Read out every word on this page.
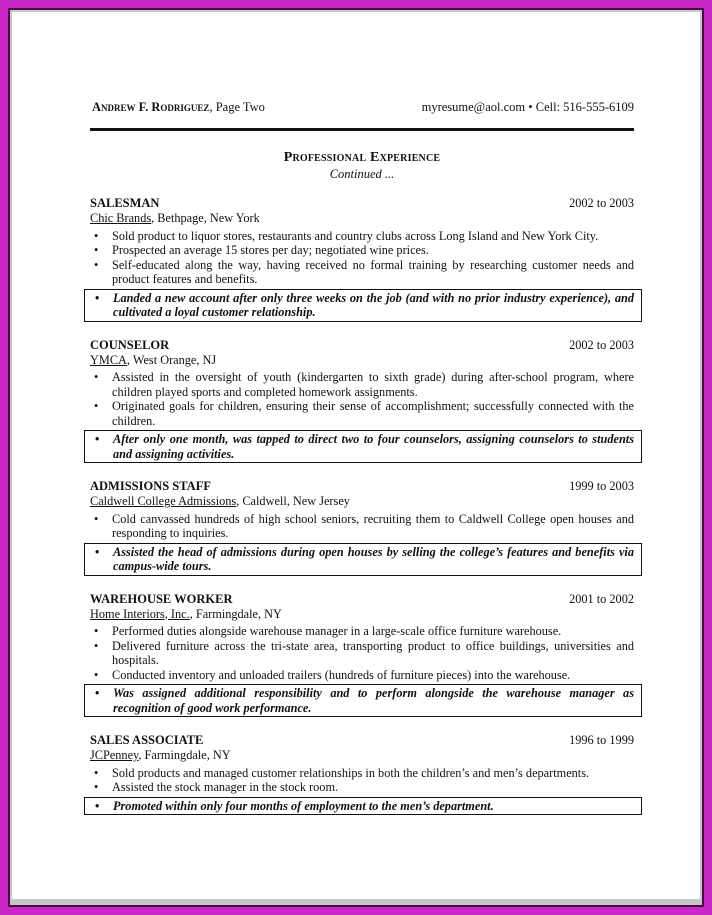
Andrew F. Rodriguez, Page Two	myresume@aol.com • Cell: 516-555-6109
Professional Experience
Continued ...
SALESMAN	2002 to 2003
Chic Brands, Bethpage, New York
• Sold product to liquor stores, restaurants and country clubs across Long Island and New York City.
• Prospected an average 15 stores per day; negotiated wine prices.
• Self-educated along the way, having received no formal training by researching customer needs and product features and benefits.
• Landed a new account after only three weeks on the job (and with no prior industry experience), and cultivated a loyal customer relationship.
COUNSELOR	2002 to 2003
YMCA, West Orange, NJ
• Assisted in the oversight of youth (kindergarten to sixth grade) during after-school program, where children played sports and completed homework assignments.
• Originated goals for children, ensuring their sense of accomplishment; successfully connected with the children.
• After only one month, was tapped to direct two to four counselors, assigning counselors to students and assigning activities.
ADMISSIONS STAFF	1999 to 2003
Caldwell College Admissions, Caldwell, New Jersey
• Cold canvassed hundreds of high school seniors, recruiting them to Caldwell College open houses and responding to inquiries.
• Assisted the head of admissions during open houses by selling the college’s features and benefits via campus-wide tours.
WAREHOUSE WORKER	2001 to 2002
Home Interiors, Inc., Farmingdale, NY
• Performed duties alongside warehouse manager in a large-scale office furniture warehouse.
• Delivered furniture across the tri-state area, transporting product to office buildings, universities and hospitals.
• Conducted inventory and unloaded trailers (hundreds of furniture pieces) into the warehouse.
• Was assigned additional responsibility and to perform alongside the warehouse manager as recognition of good work performance.
SALES ASSOCIATE	1996 to 1999
JCPenney, Farmingdale, NY
• Sold products and managed customer relationships in both the children’s and men’s departments.
• Assisted the stock manager in the stock room.
• Promoted within only four months of employment to the men’s department.
